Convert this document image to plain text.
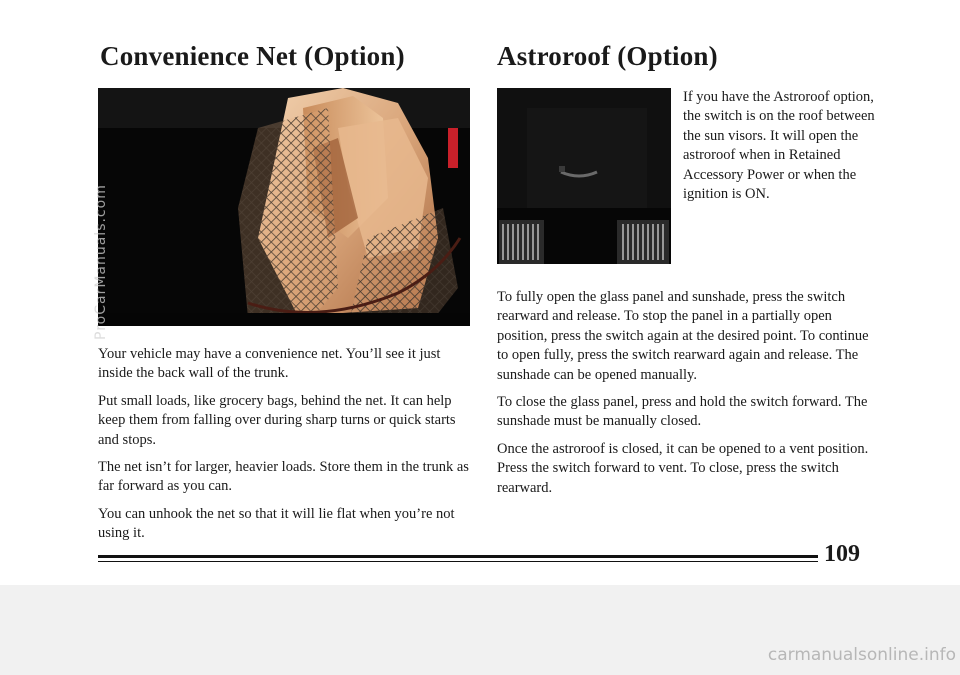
Convenience Net (Option)	Astroroof (Option)
If you have the Astroroof option, the switch is on the roof between the sun visors. It will open the astroroof when in Retained Accessory Power or when the ignition is ON.

Your vehicle may have a convenience net. You’ll see it just inside the back wall of the trunk.

Put small loads, like grocery bags, behind the net. It can help keep them from falling over during sharp turns or quick starts and stops.

The net isn’t for larger, heavier loads. Store them in the trunk as far forward as you can.

You can unhook the net so that it will lie flat when you’re not using it.

To fully open the glass panel and sunshade, press the switch rearward and release. To stop the panel in a partially open position, press the switch again at the desired point. To continue to open fully, press the switch rearward again and release. The sunshade can be opened manually.

To close the glass panel, press and hold the switch forward. The sunshade must be manually closed.

Once the astroroof is closed, it can be opened to a vent position. Press the switch forward to vent. To close, press the switch rearward.

ProCarManuals.com
109
carmanualsonline.info
